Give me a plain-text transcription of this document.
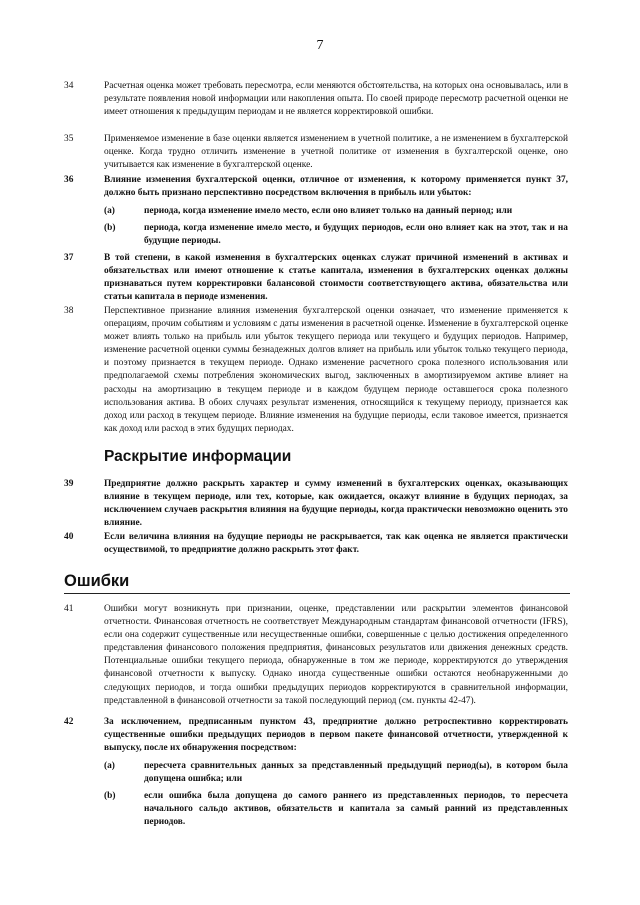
7
34	Расчетная оценка может требовать пересмотра, если меняются обстоятельства, на которых она основывалась, или в результате появления новой информации или накопления опыта. По своей природе пересмотр расчетной оценки не имеет отношения к предыдущим периодам и не является корректировкой ошибки.
35	Применяемое изменение в базе оценки является изменением в учетной политике, а не изменением в бухгалтерской оценке. Когда трудно отличить изменение в учетной политике от изменения в бухгалтерской оценке, оно учитывается как изменение в бухгалтерской оценке.
36	Влияние изменения бухгалтерской оценки, отличное от изменения, к которому применяется пункт 37, должно быть признано перспективно посредством включения в прибыль или убыток:
(a)	периода, когда изменение имело место, если оно влияет только на данный период; или
(b)	периода, когда изменение имело место, и будущих периодов, если оно влияет как на этот, так и на будущие периоды.
37	В той степени, в какой изменения в бухгалтерских оценках служат причиной изменений в активах и обязательствах или имеют отношение к статье капитала, изменения в бухгалтерских оценках должны признаваться путем корректировки балансовой стоимости соответствующего актива, обязательства или статьи капитала в периоде изменения.
38	Перспективное признание влияния изменения бухгалтерской оценки означает, что изменение применяется к операциям, прочим событиям и условиям с даты изменения в расчетной оценке. Изменение в бухгалтерской оценке может влиять только на прибыль или убыток текущего периода или текущего и будущих периодов. Например, изменение расчетной оценки суммы безнадежных долгов влияет на прибыль или убыток только текущего периода, и поэтому признается в текущем периоде. Однако изменение расчетного срока полезного использования или предполагаемой схемы потребления экономических выгод, заключенных в амортизируемом активе влияет на расходы на амортизацию в текущем периоде и в каждом будущем периоде оставшегося срока полезного использования актива. В обоих случаях результат изменения, относящийся к текущему периоду, признается как доход или расход в текущем периоде. Влияние изменения на будущие периоды, если таковое имеется, признается как доход или расход в этих будущих периодах.
Раскрытие информации
39	Предприятие должно раскрыть характер и сумму изменений в бухгалтерских оценках, оказывающих влияние в текущем периоде, или тех, которые, как ожидается, окажут влияние в будущих периодах, за исключением случаев раскрытия влияния на будущие периоды, когда практически невозможно оценить это влияние.
40	Если величина влияния на будущие периоды не раскрывается, так как оценка не является практически осуществимой, то предприятие должно раскрыть этот факт.
Ошибки
41	Ошибки могут возникнуть при признании, оценке, представлении или раскрытии элементов финансовой отчетности. Финансовая отчетность не соответствует Международным стандартам финансовой отчетности (IFRS), если она содержит существенные или несущественные ошибки, совершенные с целью достижения определенного представления финансового положения предприятия, финансовых результатов или движения денежных средств. Потенциальные ошибки текущего периода, обнаруженные в том же периоде, корректируются до утверждения финансовой отчетности к выпуску. Однако иногда существенные ошибки остаются необнаруженными до следующих периодов, и тогда ошибки предыдущих периодов корректируются в сравнительной информации, представленной в финансовой отчетности за такой последующий период (см. пункты 42-47).
42	За исключением, предписанным пунктом 43, предприятие должно ретроспективно корректировать существенные ошибки предыдущих периодов в первом пакете финансовой отчетности, утвержденной к выпуску, после их обнаружения посредством:
(a)	пересчета сравнительных данных за представленный предыдущий период(ы), в котором была допущена ошибка; или
(b)	если ошибка была допущена до самого раннего из представленных периодов, то пересчета начального сальдо активов, обязательств и капитала за самый ранний из представленных периодов.
